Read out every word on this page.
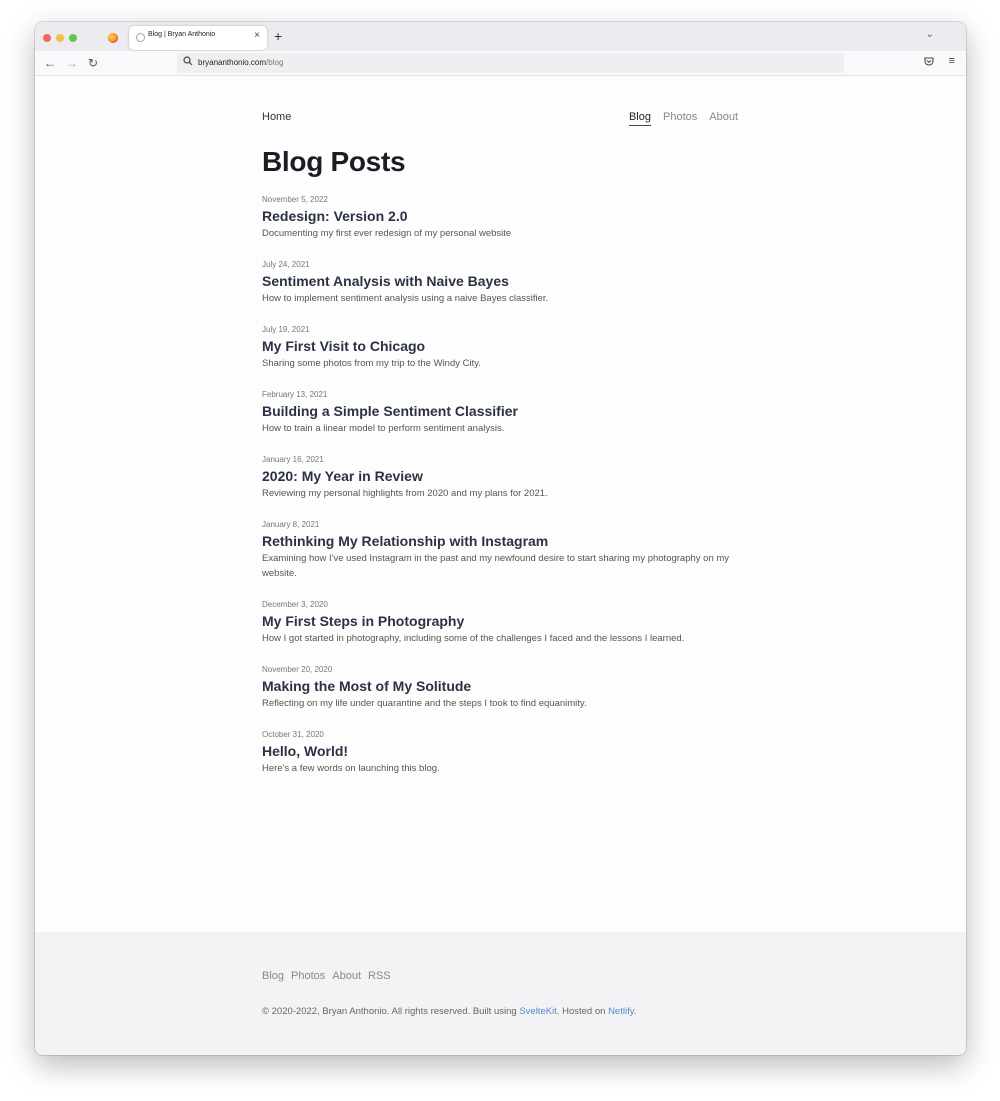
Blog | Bryan Anthonio	× +	⌄
← → ↻	bryananthonio.com/blog	≡
Home	Blog Photos About
Blog Posts
November 5, 2022
Redesign: Version 2.0
Documenting my first ever redesign of my personal website
July 24, 2021
Sentiment Analysis with Naive Bayes
How to implement sentiment analysis using a naive Bayes classifier.
July 19, 2021
My First Visit to Chicago
Sharing some photos from my trip to the Windy City.
February 13, 2021
Building a Simple Sentiment Classifier
How to train a linear model to perform sentiment analysis.
January 16, 2021
2020: My Year in Review
Reviewing my personal highlights from 2020 and my plans for 2021.
January 8, 2021
Rethinking My Relationship with Instagram
Examining how I've used Instagram in the past and my newfound desire to start sharing my photography on my website.
December 3, 2020
My First Steps in Photography
How I got started in photography, including some of the challenges I faced and the lessons I learned.
November 20, 2020
Making the Most of My Solitude
Reflecting on my life under quarantine and the steps I took to find equanimity.
October 31, 2020
Hello, World!
Here's a few words on launching this blog.
Blog Photos About RSS
© 2020-2022, Bryan Anthonio. All rights reserved. Built using SvelteKit. Hosted on Netlify.
